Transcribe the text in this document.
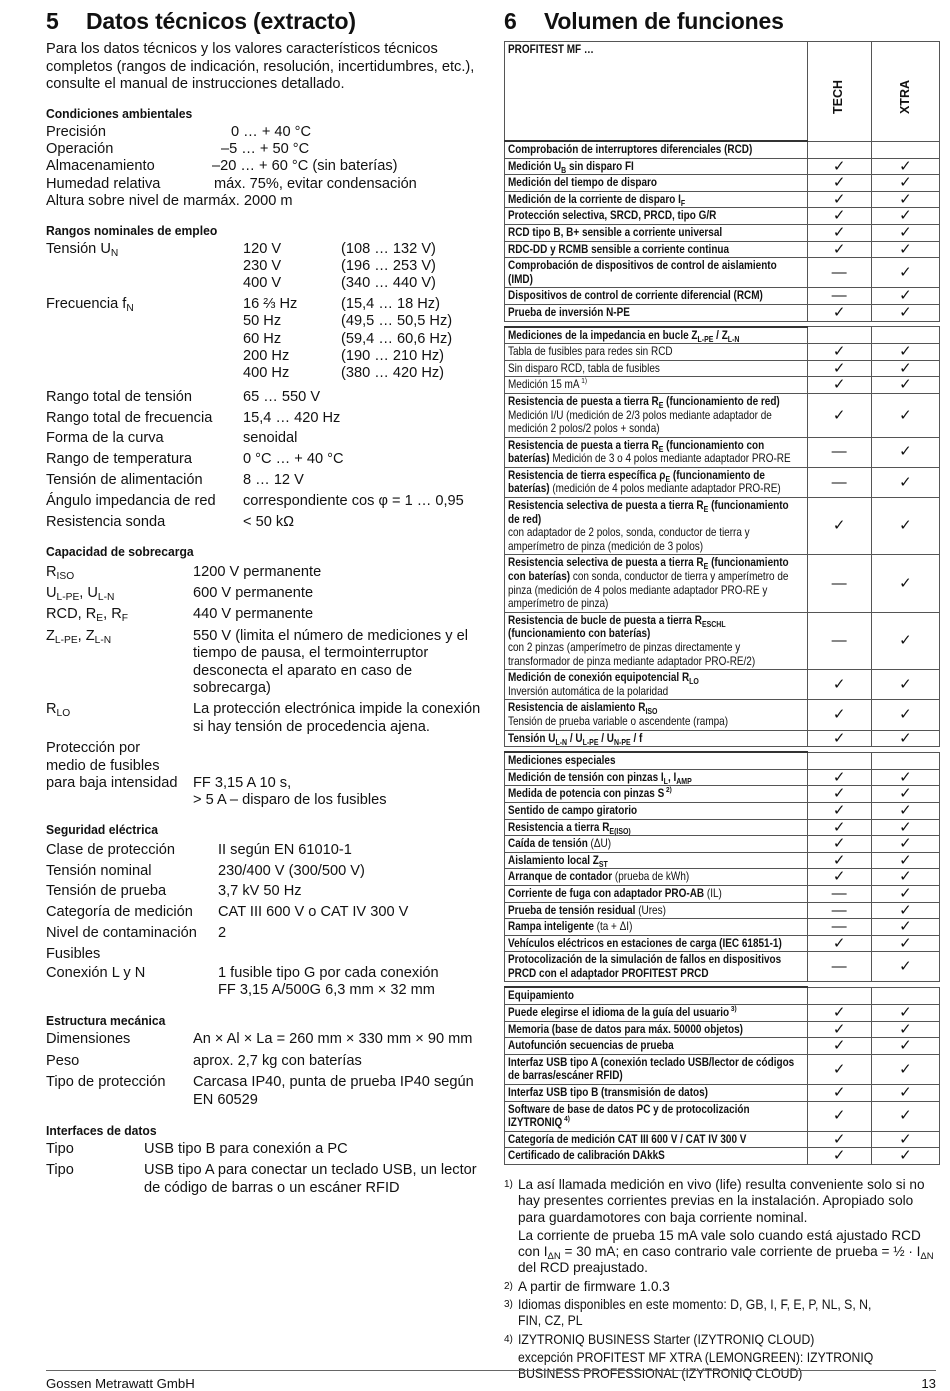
5 Datos técnicos (extracto)

Para los datos técnicos y los valores característicos técnicos completos (rangos de indicación, resolución, incertidumbres, etc.), consulte el manual de instrucciones detallado.

Condiciones ambientales
Precisión	0 … + 40 °C
Operación	–5 … + 50 °C
Almacenamiento	–20 … + 60 °C (sin baterías)
Humedad relativa	máx. 75%, evitar condensación
Altura sobre nivel de mar máx. 2000 m
Rangos nominales de empleo
Tensión $U_N$	120 V	(108 … 132 V)
230 V	(196 … 253 V)
400 V	(340 … 440 V)
Frecuencia $f_N$	16 ⅔ Hz	(15,4 … 18 Hz)
50 Hz	(49,5 … 50,5 Hz)
60 Hz	(59,4 … 60,6 Hz)
200 Hz	(190 … 210 Hz)
400 Hz	(380 … 420 Hz)
Rango total de tensión	65 … 550 V
Rango total de frecuencia	15,4 … 420 Hz
Forma de la curva	senoidal
Rango de temperatura	0 °C … + 40 °C
Tensión de alimentación	8 … 12 V
Ángulo impedancia de red	correspondiente cos φ = 1 … 0,95
Resistencia sonda	< 50 kΩ
Capacidad de sobrecarga
$R_{ISO}$	1200 V permanente
$U_{L-PE}$, $U_{L-N}$	600 V permanente
RCD, $R_E$, $R_F$	440 V permanente
$Z_{L-PE}$, $Z_{L-N}$	550 V (limita el número de mediciones y el tiempo de pausa, el termointerruptor desconecta el aparato en caso de sobrecarga)
$R_{LO}$	La protección electrónica impide la conexión si hay tensión de procedencia ajena.
Protección por
medio de fusibles
para baja intensidad	FF 3,15 A 10 s,
> 5 A – disparo de los fusibles
Seguridad eléctrica
Clase de protección	II según EN 61010-1
Tensión nominal	230/400 V (300/500 V)
Tensión de prueba	3,7 kV 50 Hz
Categoría de medición	CAT III 600 V o CAT IV 300 V
Nivel de contaminación	2
Fusibles
Conexión L y N	1 fusible tipo G por cada conexión
FF 3,15 A/500G 6,3 mm × 32 mm
Estructura mecánica
Dimensiones	An × Al × La = 260 mm × 330 mm × 90 mm
Peso	aprox. 2,7 kg con baterías
Tipo de protección	Carcasa IP40, punta de prueba IP40 según EN 60529
Interfaces de datos
Tipo	USB tipo B para conexión a PC
Tipo	USB tipo A para conectar un teclado USB, un lector de código de barras o un escáner RFID
6 Volumen de funciones
PROFITEST MF …	TECH	XTRA

Comprobación de interruptores diferenciales (RCD)		

Medición $U_B$ sin disparo FI	✓	✓

Medición del tiempo de disparo	✓	✓

Medición de la corriente de disparo $I_F$	✓	✓

Protección selectiva, SRCD, PRCD, tipo G/R	✓	✓

RCD tipo B, B+ sensible a corriente universal	✓	✓

RDC-DD y RCMB sensible a corriente continua	✓	✓

Comprobación de dispositivos de control de aislamiento (IMD)	—	✓

Dispositivos de control de corriente diferencial (RCM)	—	✓

Prueba de inversión N-PE	✓	✓

Mediciones de la impedancia en bucle $Z_{L-PE} / Z_{L-N}$

Tabla de fusibles para redes sin RCD	✓	✓

Sin disparo RCD, tabla de fusibles	✓	✓

Medición 15 mA $^{1)}$	✓	✓

Resistencia de puesta a tierra $R_E$ (funcionamiento de red)
Medición I/U (medición de 2/3 polos mediante adaptador de medición 2 polos/2 polos + sonda)	✓	✓

Resistencia de puesta a tierra $R_E$ (funcionamiento con baterías) Medición de 3 o 4 polos mediante adaptador PRO-RE	—	✓

Resistencia de tierra específica $\rho_E$ (funcionamiento de baterías) (medición de 4 polos mediante adaptador PRO-RE)	—	✓

Resistencia selectiva de puesta a tierra $R_E$ (funcionamiento de red)
con adaptador de 2 polos, sonda, conductor de tierra y amperímetro de pinza (medición de 3 polos)	✓	✓

Resistencia selectiva de puesta a tierra $R_E$ (funcionamiento con baterías) con sonda, conductor de tierra y amperímetro de pinza (medición de 4 polos mediante adaptador PRO-RE y amperímetro de pinza)	—	✓

Resistencia de bucle de puesta a tierra $R_{ESCHL}$ (funcionamiento con baterías)
con 2 pinzas (amperímetro de pinzas directamente y transformador de pinza mediante adaptador PRO-RE/2)	—	✓

Medición de conexión equipotencial $R_{LO}$
Inversión automática de la polaridad	✓	✓

Resistencia de aislamiento $R_{ISO}$
Tensión de prueba variable o ascendente (rampa)	✓	✓

Tensión $U_{L-N} / U_{L-PE} / U_{N-PE}$ / f	✓	✓

Mediciones especiales		

Medición de tensión con pinzas $I_L$, $I_{AMP}$	✓	✓

Medida de potencia con pinzas S $^{2)}$	✓	✓

Sentido de campo giratorio	✓	✓

Resistencia a tierra $R_{E(ISO)}$	✓	✓

Caída de tensión (ΔU)	✓	✓

Aislamiento local $Z_{ST}$	✓	✓

Arranque de contador (prueba de kWh)	✓	✓

Corriente de fuga con adaptador PRO-AB (IL)	—	✓

Prueba de tensión residual (Ures)	—	✓

Rampa inteligente (ta + ΔI)	—	✓

Vehículos eléctricos en estaciones de carga (IEC 61851-1)	✓	✓

Protocolización de la simulación de fallos en dispositivos PRCD con el adaptador PROFITEST PRCD	—	✓

Equipamiento		

Puede elegirse el idioma de la guía del usuario $^{3)}$	✓	✓

Memoria (base de datos para máx. 50000 objetos)	✓	✓

Autofunción secuencias de prueba	✓	✓

Interfaz USB tipo A (conexión teclado USB/lector de códigos de barras/escáner RFID)	✓	✓

Interfaz USB tipo B (transmisión de datos)	✓	✓

Software de base de datos PC y de protocolización IZYTRONIQ $^{4)}$	✓	✓

Categoría de medición CAT III 600 V / CAT IV 300 V	✓	✓

Certificado de calibración DAkkS	✓	✓
1) La así llamada medición en vivo (life) resulta conveniente solo si no hay presentes corrientes previas en la instalación. Apropiado solo para guardamotores con baja corriente nominal.
La corriente de prueba 15 mA vale solo cuando está ajustado RCD con $I_{\Delta N} = 30$ mA; en caso contrario vale corriente de prueba = ½ · $I_{\Delta N}$ del RCD preajustado.
2) A partir de firmware 1.0.3
3) Idiomas disponibles en este momento: D, GB, I, F, E, P, NL, S, N, FIN, CZ, PL
4) IZYTRONIQ BUSINESS Starter (IZYTRONIQ CLOUD)
excepción PROFITEST MF XTRA (LEMONGREEN): IZYTRONIQ BUSINESS PROFESSIONAL (IZYTRONIQ CLOUD)
Gossen Metrawatt GmbH	13
